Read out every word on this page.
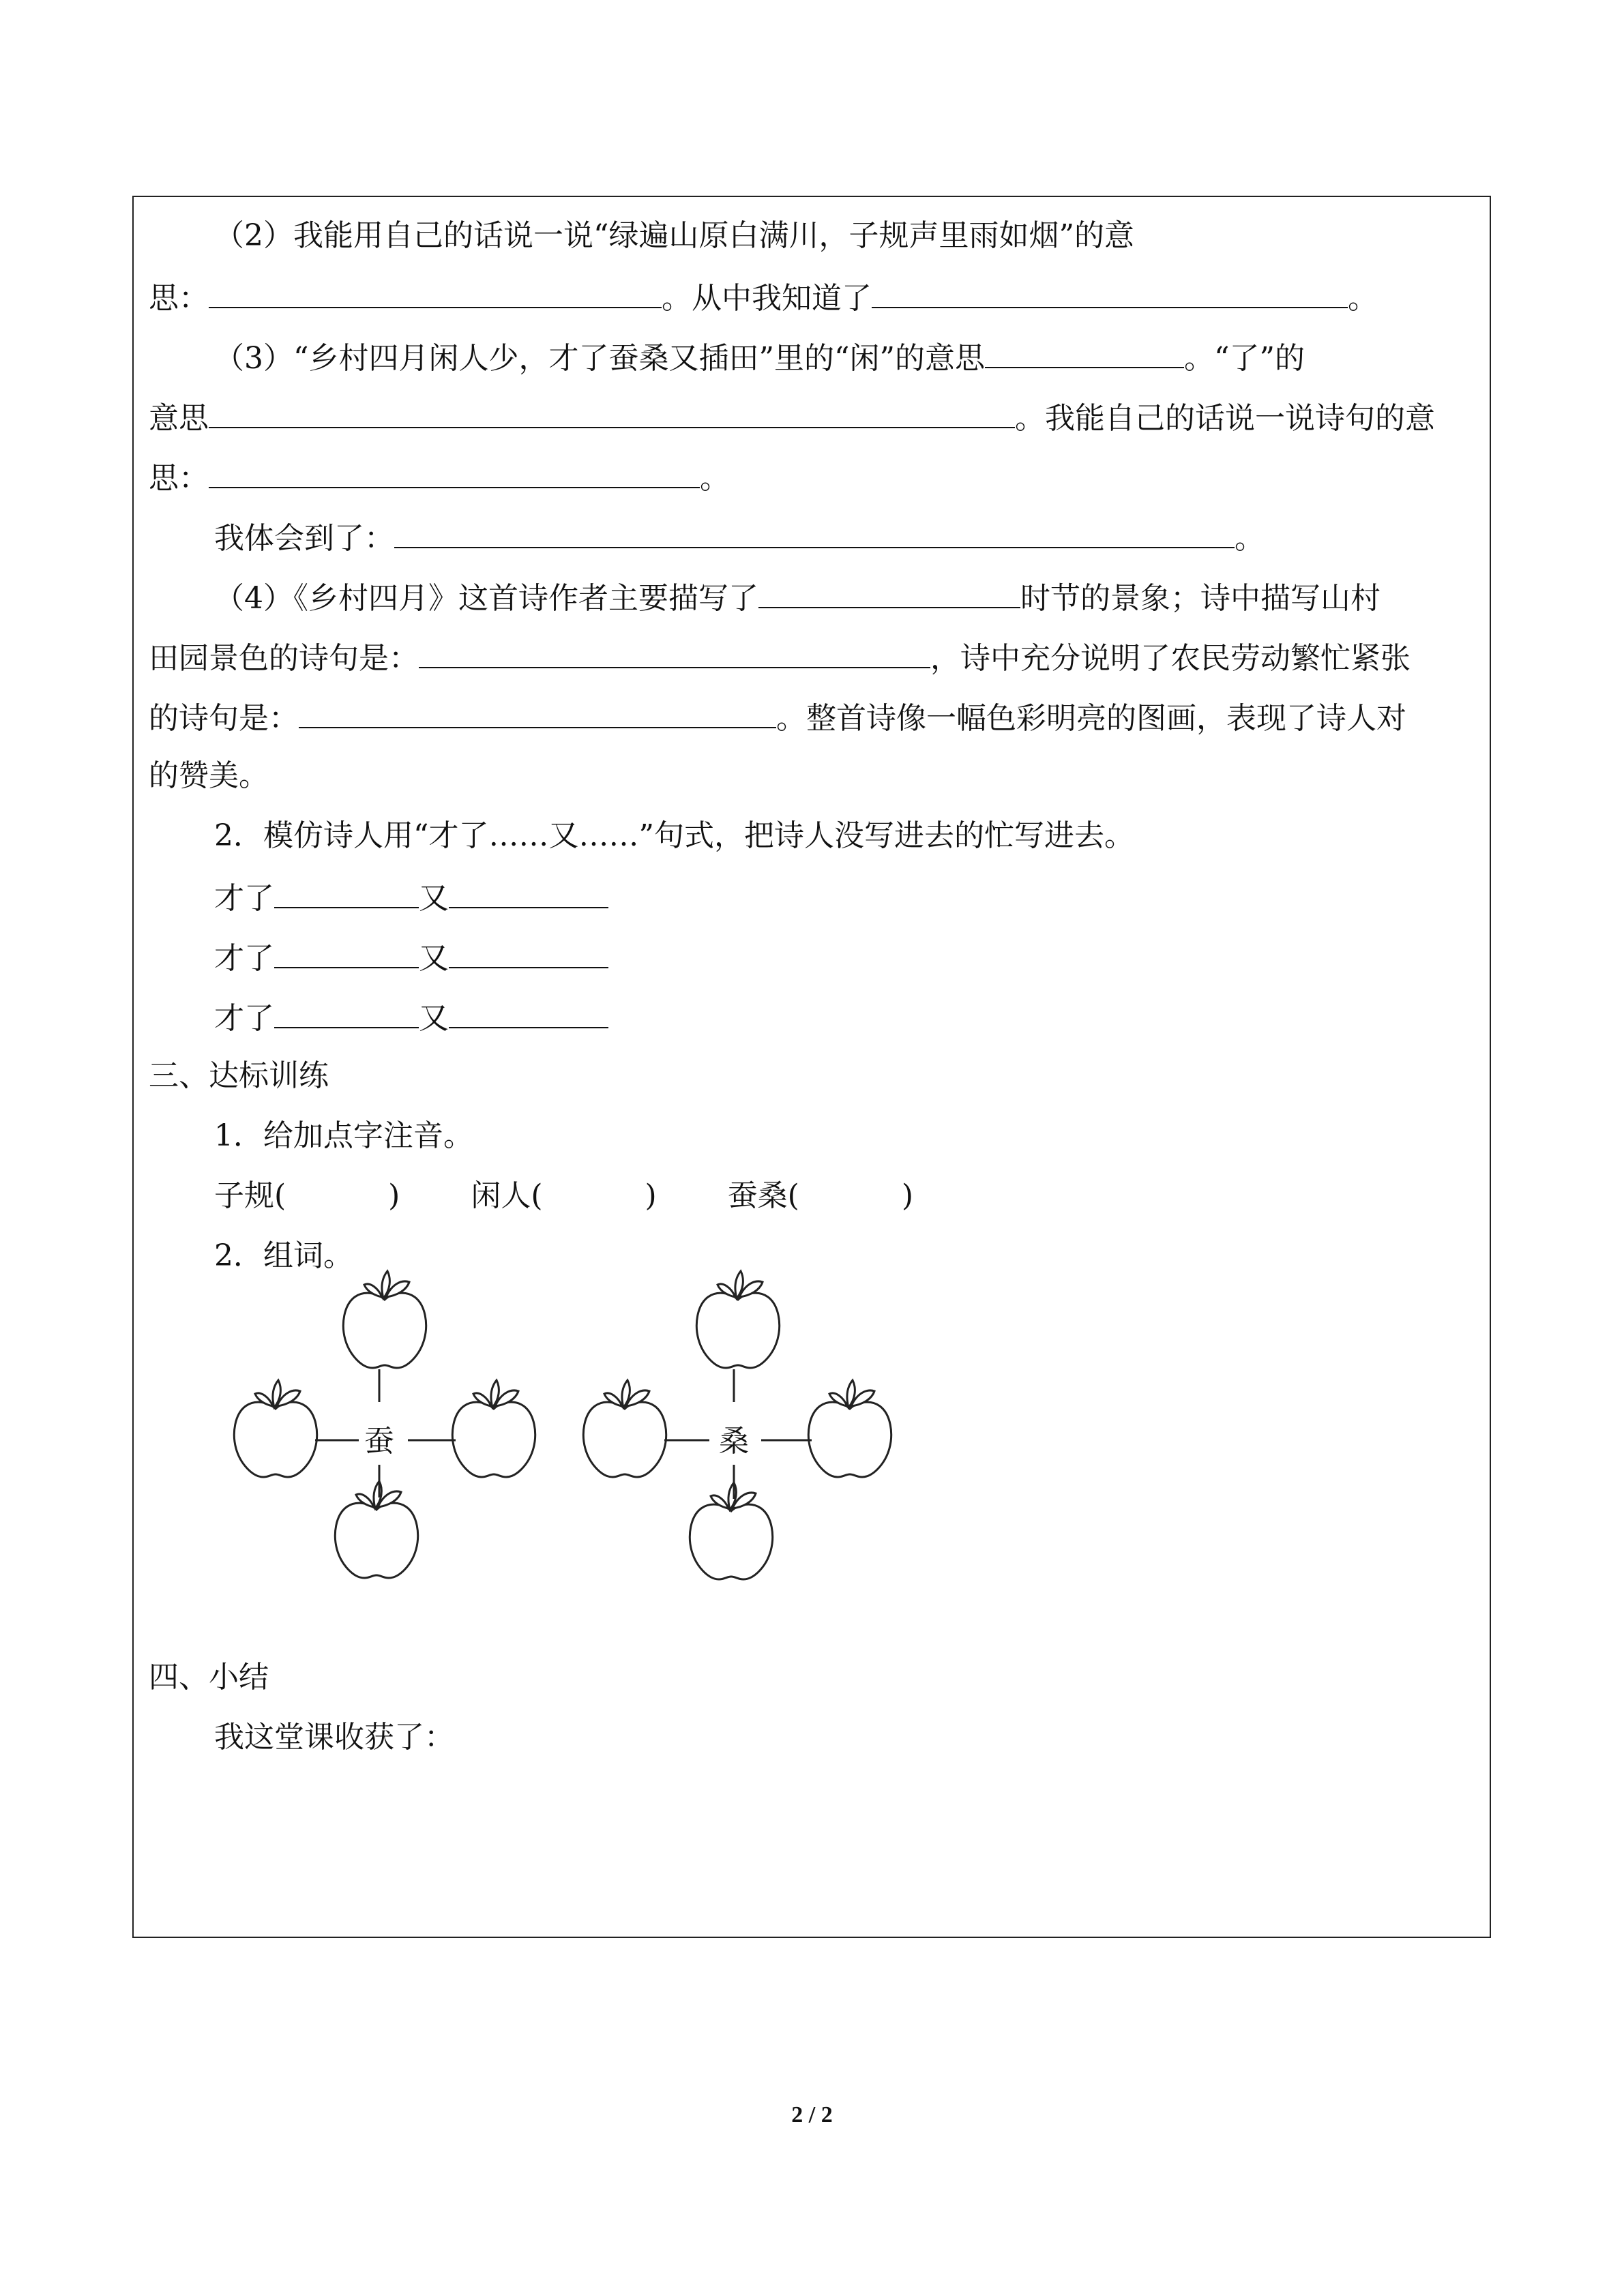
（2）我能用自己的话说一说“绿遍山原白满川，子规声里雨如烟”的意
思：	。从中我知道了	。
（3）“乡村四月闲人少，才了蚕桑又插田”里的“闲”的意思	。“了”的
意思	。我能自己的话说一说诗句的意
思：	。
我体会到了：	。
（4）《乡村四月》这首诗作者主要描写了	时节的景象；诗中描写山村
田园景色的诗句是：	，诗中充分说明了农民劳动繁忙紧张
的诗句是：	。整首诗像一幅色彩明亮的图画，表现了诗人对
的赞美。
2．模仿诗人用“才了……又……”句式，把诗人没写进去的忙写进去。
才了	又
才了	又
才了	又
三、达标训练
1．给加点字注音。
子规(	) 闲人(	) 蚕桑(	)
2．组词。
蚕	桑
四、小结
我这堂课收获了：
2 / 2
